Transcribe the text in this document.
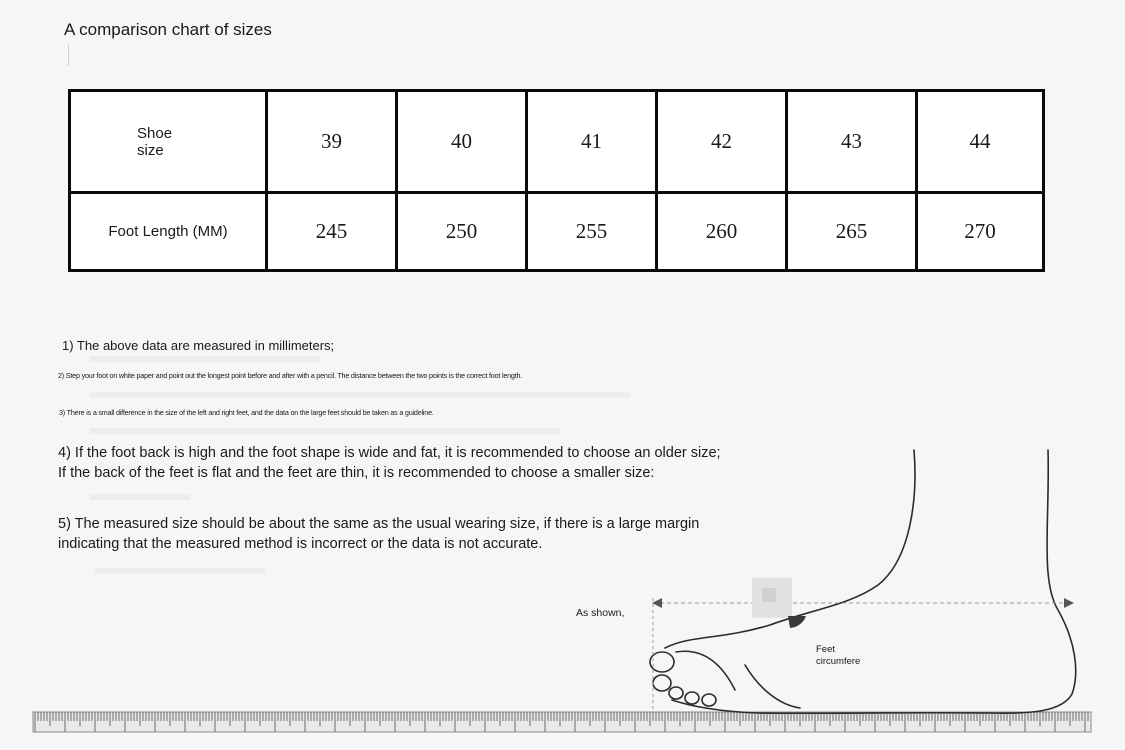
A comparison chart of sizes
Shoe
size	39	40	41	42	43	44
Foot Length (MM)	245	250	255	260	265	270
1) The above data are measured in millimeters;
2) Step your foot on white paper and point out the longest point before and after with a pencil. The distance between the two points is the correct foot length.
3) There is a small difference in the size of the left and right feet, and the data on the large feet should be taken as a guideline.
4) If the foot back is high and the foot shape is wide and fat, it is recommended to choose an older size;
If the back of the feet is flat and the feet are thin, it is recommended to choose a smaller size:
5) The measured size should be about the same as the usual wearing size, if there is a large margin
indicating that the measured method is incorrect or the data is not accurate.
As shown,
Feet
circumfere
